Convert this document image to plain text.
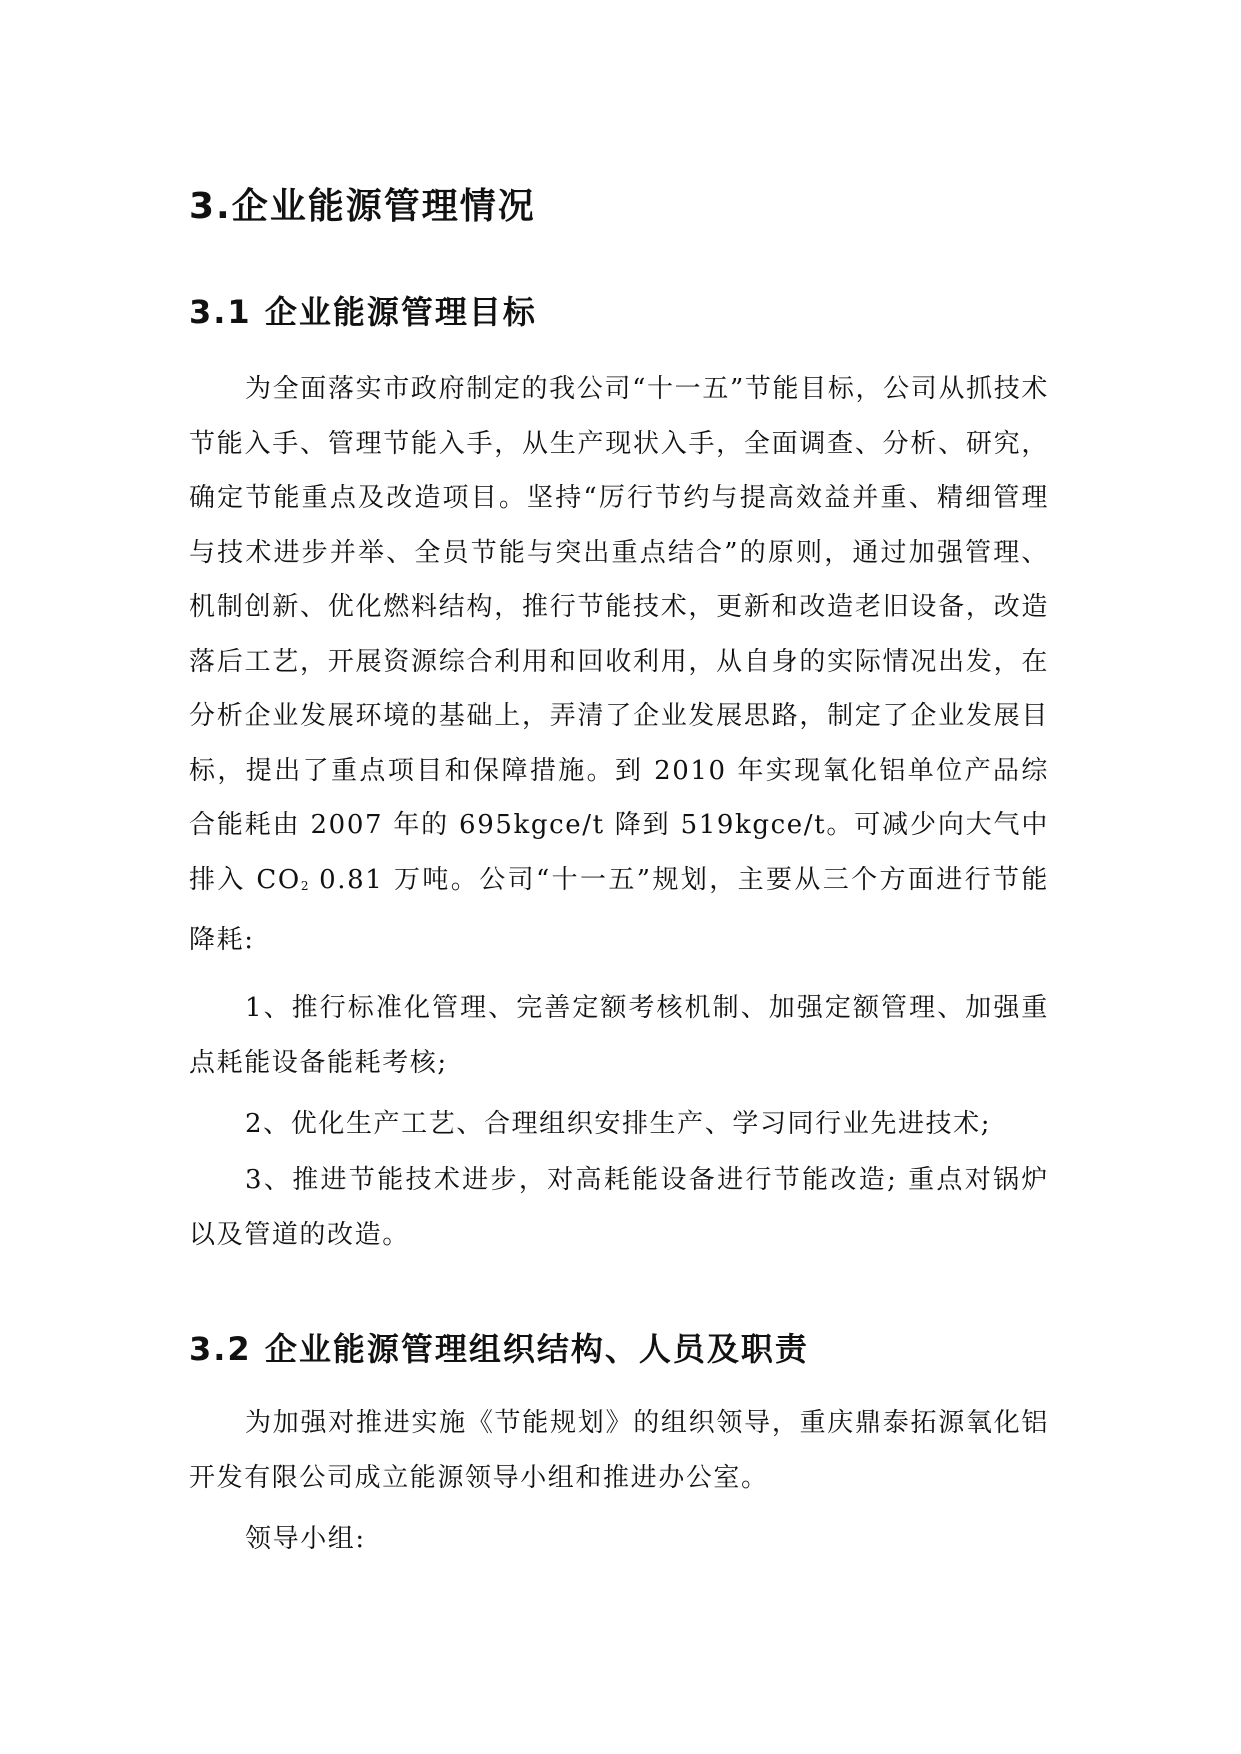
3.企业能源管理情况
3.1 企业能源管理目标

为全面落实市政府制定的我公司“十一五”节能目标，公司从抓技术节能入手、管理节能入手，从生产现状入手，全面调查、分析、研究，确定节能重点及改造项目。坚持“厉行节约与提高效益并重、精细管理与技术进步并举、全员节能与突出重点结合”的原则，通过加强管理、机制创新、优化燃料结构，推行节能技术，更新和改造老旧设备，改造落后工艺，开展资源综合利用和回收利用，从自身的实际情况出发，在分析企业发展环境的基础上，弄清了企业发展思路，制定了企业发展目标，提出了重点项目和保障措施。到 2010 年实现氧化铝单位产品综合能耗由 2007 年的 695kgce/t 降到 519kgce/t。可减少向大气中排入 $CO_2$ 0.81 万吨。公司“十一五”规划，主要从三个方面进行节能降耗:

1、推行标准化管理、完善定额考核机制、加强定额管理、加强重点耗能设备能耗考核;

2、优化生产工艺、合理组织安排生产、学习同行业先进技术;

3、推进节能技术进步，对高耗能设备进行节能改造; 重点对锅炉以及管道的改造。

3.2 企业能源管理组织结构、人员及职责

为加强对推进实施《节能规划》的组织领导，重庆鼎泰拓源氧化铝开发有限公司成立能源领导小组和推进办公室。

领导小组:
